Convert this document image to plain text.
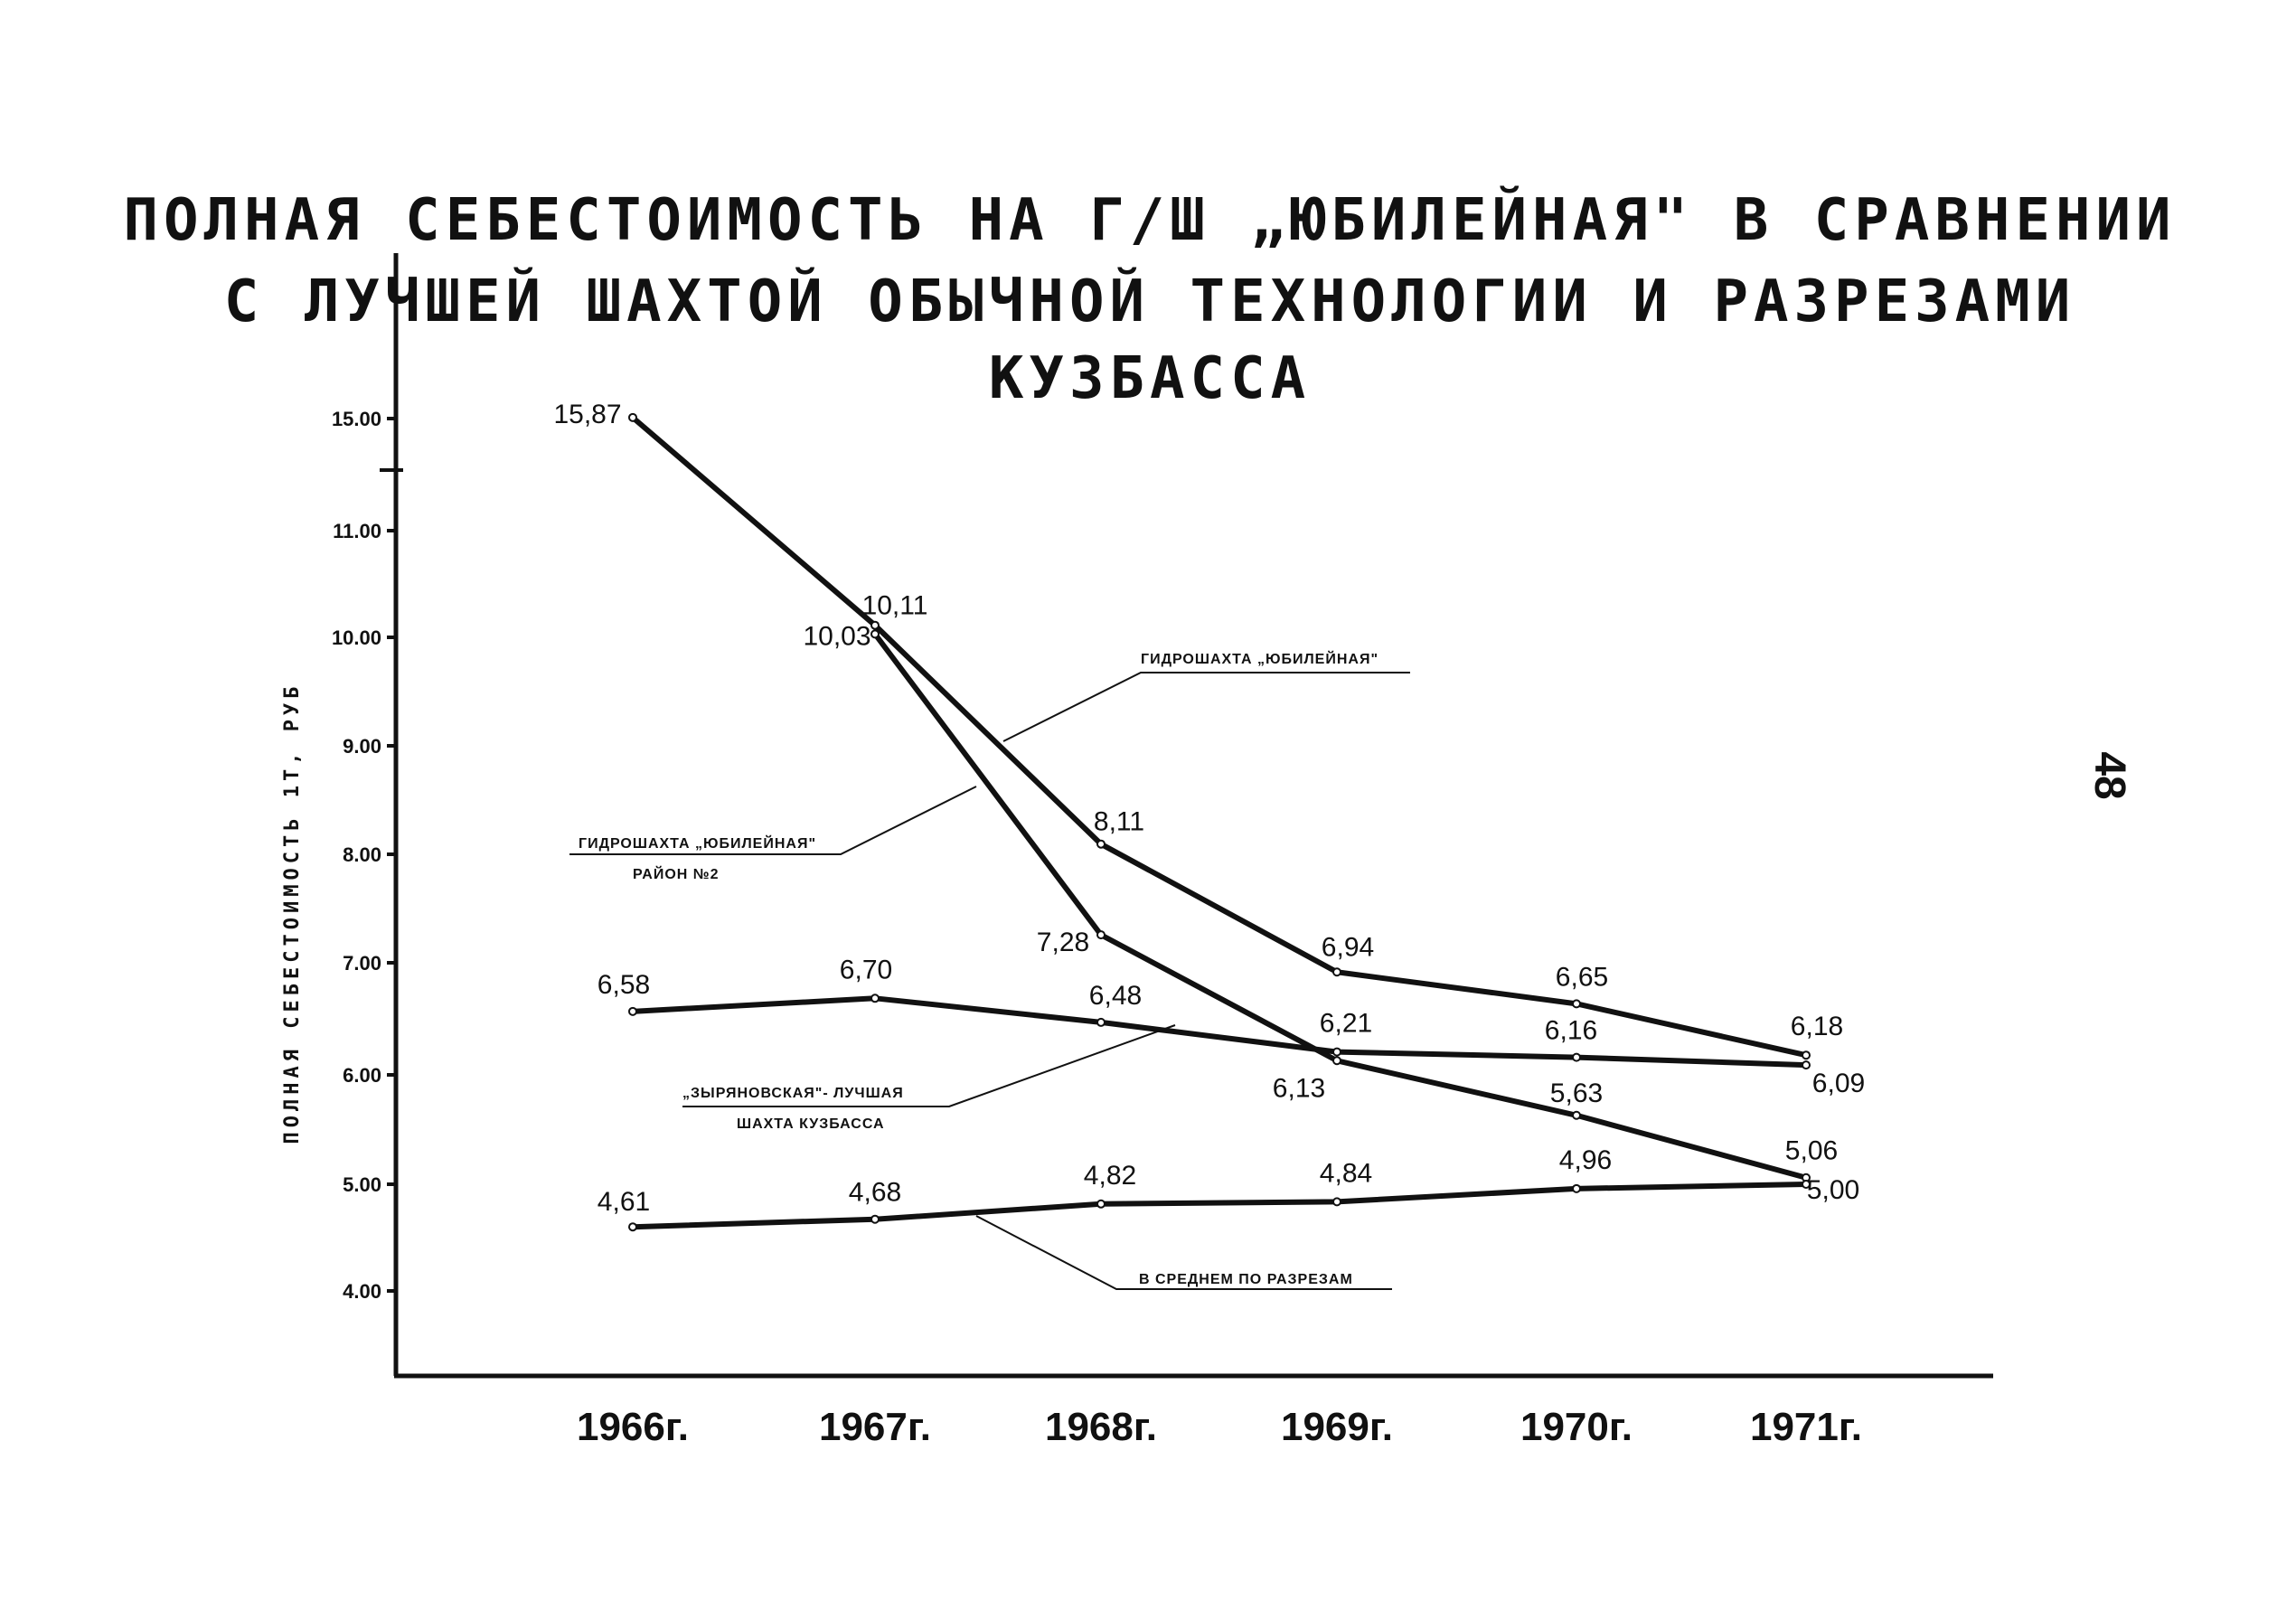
ПОЛНАЯ СЕБЕСТОИМОСТЬ НА Г/Ш „ЮБИЛЕЙНАЯ" В СРАВНЕНИИ
С ЛУЧШЕЙ ШАХТОЙ ОБЫЧНОЙ ТЕХНОЛОГИИ И РАЗРЕЗАМИ
КУЗБАССА
15.00
11.00
10.00
9.00
8.00
7.00
6.00
5.00
4.00
1966г.	1967г.	1968г.	1969г.	1970г.	1971г.
15,87
10,11
8,11
6,94
6,65
6,18
10,03
7,28
6,13	5,63
5,06
6,58
6,70
6,48
6,21	6,16
6,09
4,61	4,68
4,82	4,84	4,96
5,00
ГИДРОШАХТА „ЮБИЛЕЙНАЯ"
ГИДРОШАХТА „ЮБИЛЕЙНАЯ"
РАЙОН №2
„ЗЫРЯНОВСКАЯ"- ЛУЧШАЯ
ШАХТА КУЗБАССА
В СРЕДНЕМ ПО РАЗРЕЗАМ
ПОЛНАЯ СЕБЕСТОИМОСТЬ 1Т, РУБ	48
